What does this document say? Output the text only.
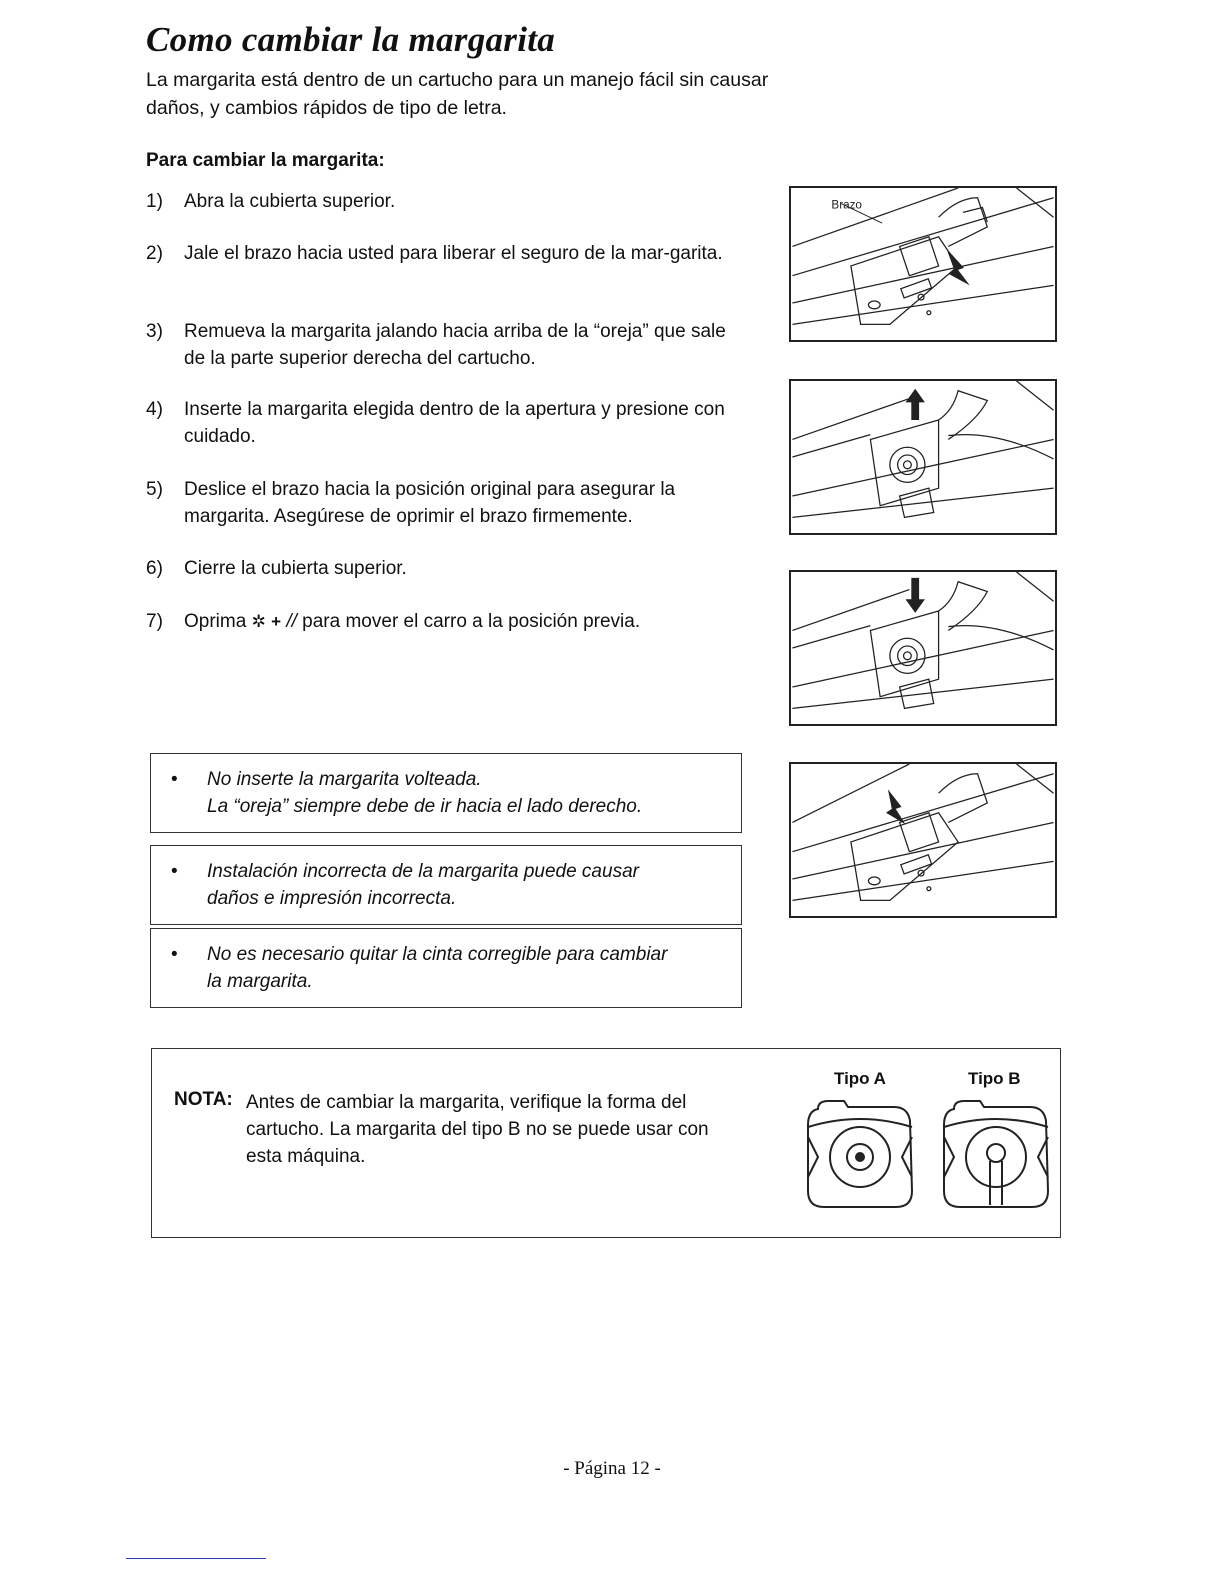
Como cambiar la margarita

La margarita está dentro de un cartucho para un manejo fácil sin causar daños, y cambios rápidos de tipo de letra.

Para cambiar la margarita:

1)	Abra la cubierta superior.
2)	Jale el brazo hacia usted para liberar el seguro de la mar-garita.
3)	Remueva la margarita jalando hacia arriba de la “oreja” que sale de la parte superior derecha del cartucho.
4)	Inserte la margarita elegida dentro de la apertura y presione con cuidado.
5)	Deslice el brazo hacia la posición original para asegurar la margarita. Asegúrese de oprimir el brazo firmemente.
6)	Cierre la cubierta superior.
7)	Oprima ✲ + // para mover el carro a la posición previa.
Brazo
• No inserte la margarita volteada.
La “oreja” siempre debe de ir hacia el lado derecho.
• Instalación incorrecta de la margarita puede causar
daños e impresión incorrecta.
• No es necesario quitar la cinta corregible para cambiar
la margarita.
NOTA: Antes de cambiar la margarita, verifique la forma del cartucho. La margarita del tipo B no se puede usar con esta máquina.
Tipo A	Tipo B
- Página 12 -
